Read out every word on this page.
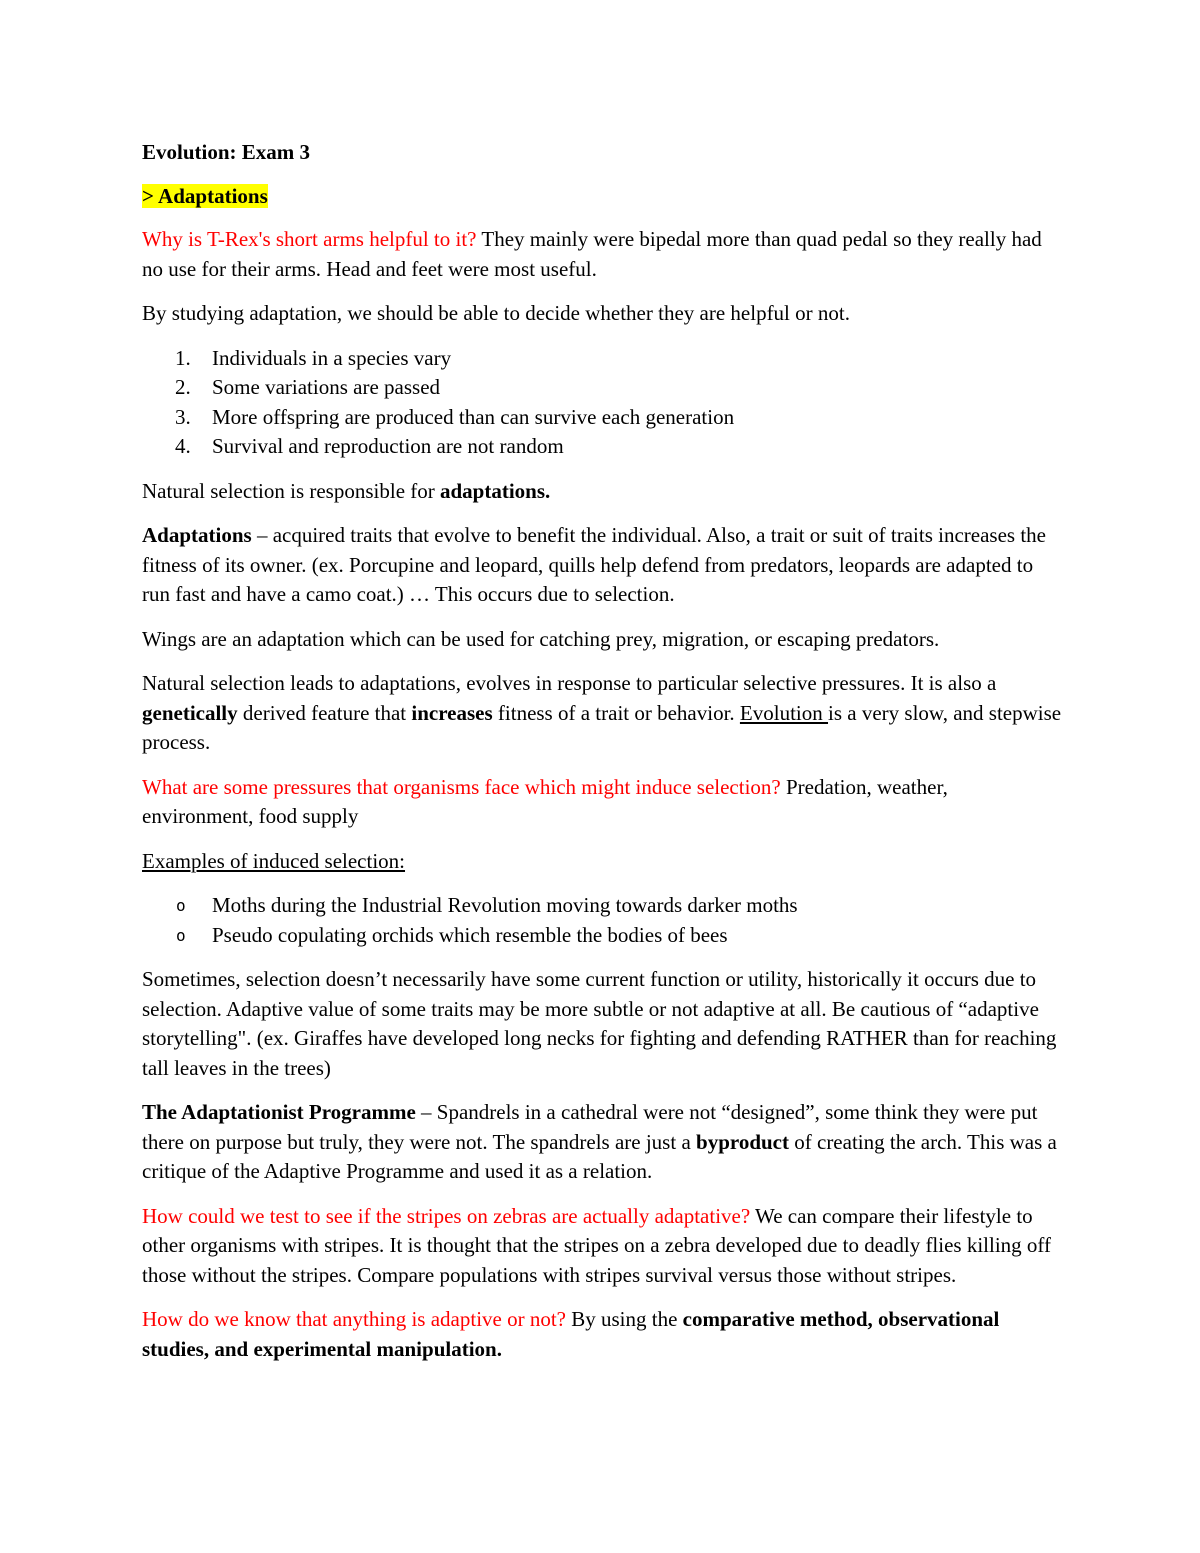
Evolution: Exam 3

> Adaptations

Why is T-Rex's short arms helpful to it? They mainly were bipedal more than quad pedal so they really had no use for their arms. Head and feet were most useful.

By studying adaptation, we should be able to decide whether they are helpful or not.

1. Individuals in a species vary
2. Some variations are passed
3. More offspring are produced than can survive each generation
4. Survival and reproduction are not random

Natural selection is responsible for adaptations.

Adaptations – acquired traits that evolve to benefit the individual. Also, a trait or suit of traits increases the fitness of its owner. (ex. Porcupine and leopard, quills help defend from predators, leopards are adapted to run fast and have a camo coat.) … This occurs due to selection.

Wings are an adaptation which can be used for catching prey, migration, or escaping predators.

Natural selection leads to adaptations, evolves in response to particular selective pressures. It is also a genetically derived feature that increases fitness of a trait or behavior. Evolution is a very slow, and stepwise process.

What are some pressures that organisms face which might induce selection? Predation, weather, environment, food supply

Examples of induced selection:

o Moths during the Industrial Revolution moving towards darker moths
o Pseudo copulating orchids which resemble the bodies of bees

Sometimes, selection doesn’t necessarily have some current function or utility, historically it occurs due to selection. Adaptive value of some traits may be more subtle or not adaptive at all. Be cautious of “adaptive storytelling". (ex. Giraffes have developed long necks for fighting and defending RATHER than for reaching tall leaves in the trees)

The Adaptationist Programme – Spandrels in a cathedral were not “designed”, some think they were put there on purpose but truly, they were not. The spandrels are just a byproduct of creating the arch. This was a critique of the Adaptive Programme and used it as a relation.

How could we test to see if the stripes on zebras are actually adaptative? We can compare their lifestyle to other organisms with stripes. It is thought that the stripes on a zebra developed due to deadly flies killing off those without the stripes. Compare populations with stripes survival versus those without stripes.

How do we know that anything is adaptive or not? By using the comparative method, observational studies, and experimental manipulation.
